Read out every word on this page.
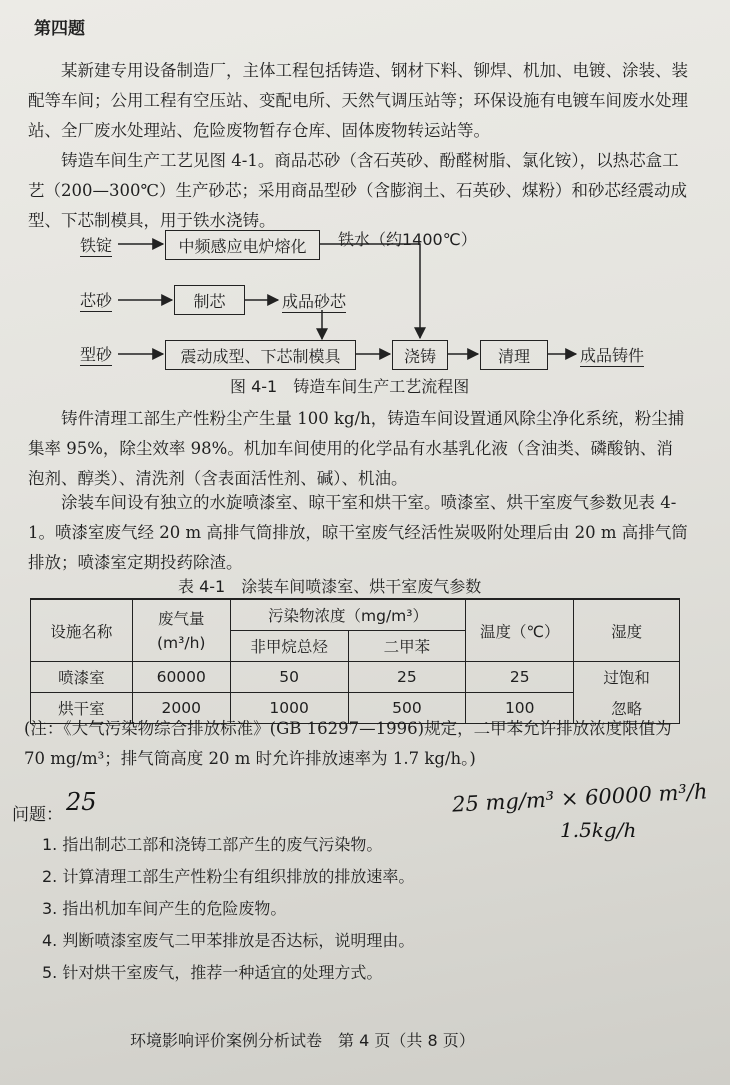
第四题

某新建专用设备制造厂，主体工程包括铸造、钢材下料、铆焊、机加、电镀、涂装、装配等车间；公用工程有空压站、变配电所、天然气调压站等；环保设施有电镀车间废水处理站、全厂废水处理站、危险废物暂存仓库、固体废物转运站等。

铸造车间生产工艺见图 4-1。商品芯砂（含石英砂、酚醛树脂、氯化铵），以热芯盒工艺（200—300℃）生产砂芯；采用商品型砂（含膨润土、石英砂、煤粉）和砂芯经震动成型、下芯制模具，用于铁水浇铸。

铁锭	中频感应电炉熔化	铁水（约1400℃）
芯砂	制芯	成品砂芯
型砂	震动成型、下芯制模具	浇铸	清理	成品铸件
图 4-1　铸造车间生产工艺流程图

铸件清理工部生产性粉尘产生量 100 kg/h，铸造车间设置通风除尘净化系统，粉尘捕集率 95%，除尘效率 98%。机加车间使用的化学品有水基乳化液（含油类、磷酸钠、消泡剂、醇类）、清洗剂（含表面活性剂、碱）、机油。

涂装车间设有独立的水旋喷漆室、晾干室和烘干室。喷漆室、烘干室废气参数见表 4-1。喷漆室废气经 20 m 高排气筒排放，晾干室废气经活性炭吸附处理后由 20 m 高排气筒排放；喷漆室定期投药除渣。

表 4-1　涂装车间喷漆室、烘干室废气参数
设施名称	废气量
(m³/h)	污染物浓度（mg/m³）		温度（℃）	湿度
		非甲烷总烃	二甲苯		
喷漆室	60000	50	25	25	过饱和
烘干室	2000	1000	500	100	忽略

(注：《大气污染物综合排放标准》(GB 16297—1996)规定，二甲苯允许排放浓度限值为 70 mg/m³；排气筒高度 20 m 时允许排放速率为 1.7 kg/h。)

问题： 25	25 mg/m³ × 60000 m³/h
1.5kg/h
1. 指出制芯工部和浇铸工部产生的废气污染物。
2. 计算清理工部生产性粉尘有组织排放的排放速率。
3. 指出机加车间产生的危险废物。
4. 判断喷漆室废气二甲苯排放是否达标，说明理由。
5. 针对烘干室废气，推荐一种适宜的处理方式。
环境影响评价案例分析试卷　第 4 页（共 8 页）
